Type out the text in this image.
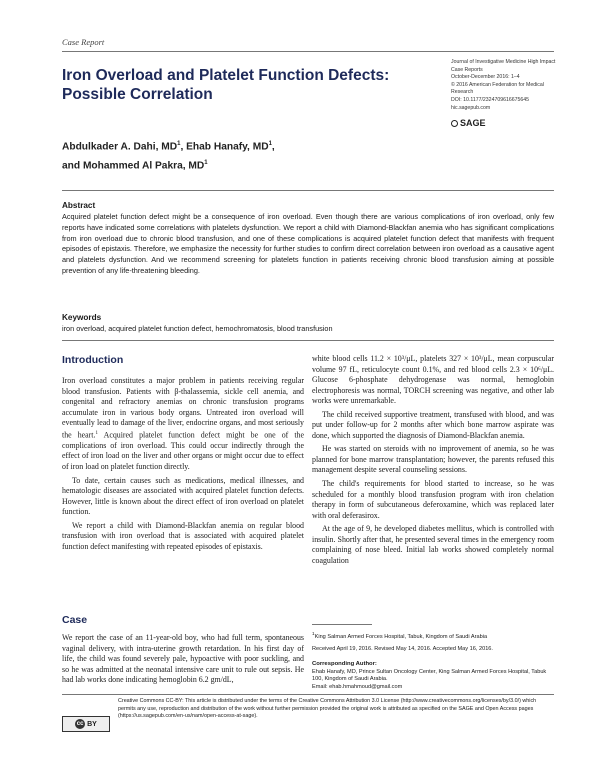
Case Report
Iron Overload and Platelet Function Defects: Possible Correlation
Journal of Investigative Medicine High Impact Case Reports
October-December 2016: 1–4
© 2016 American Federation for Medical Research
DOI: 10.1177/2324709616675645
hic.sagepub.com
SAGE
Abdulkader A. Dahi, $MD^1$, Ehab Hanafy, $MD^1$,
and Mohammed Al Pakra, $MD^1$
Abstract
Acquired platelet function defect might be a consequence of iron overload. Even though there are various complications of iron overload, only few reports have indicated some correlations with platelets dysfunction. We report a child with Diamond-Blackfan anemia who has significant complications from iron overload due to chronic blood transfusion, and one of these complications is acquired platelet function defect that manifests with frequent episodes of epistaxis. Therefore, we emphasize the necessity for further studies to confirm direct correlation between iron overload as a causative agent and platelets dysfunction. And we recommend screening for platelets function in patients receiving chronic blood transfusion aiming at possible prevention of any life-threatening bleeding.
Keywords
iron overload, acquired platelet function defect, hemochromatosis, blood transfusion
Introduction

Iron overload constitutes a major problem in patients receiving regular blood transfusion. Patients with β-thalassemia, sickle cell anemia, and congenital and refractory anemias on chronic transfusion programs accumulate iron in various body organs. Untreated iron overload will eventually lead to damage of the liver, endocrine organs, and most seriously the heart.$^1$ Acquired platelet function defect might be one of the complications of iron overload. This could occur indirectly through the effect of iron load on the liver and other organs or might occur due to effect of iron load on platelet function directly.

To date, certain causes such as medications, medical illnesses, and hematologic diseases are associated with acquired platelet function defects. However, little is known about the direct effect of iron overload on platelet function.

We report a child with Diamond-Blackfan anemia on regular blood transfusion with iron overload that is associated with acquired platelet function defect manifesting with repeated episodes of epistaxis.

Case

We report the case of an 11-year-old boy, who had full term, spontaneous vaginal delivery, with intra-uterine growth retardation. In his first day of life, the child was found severely pale, hypoactive with poor suckling, and so he was admitted at the neonatal intensive care unit to rule out sepsis. He had lab works done indicating hemoglobin 6.2 gm/dL,

white blood cells 11.2 × 10³/μL, platelets 327 × 10³/μL, mean corpuscular volume 97 fL, reticulocyte count 0.1%, and red blood cells 2.3 × 10⁶/μL. Glucose 6-phosphate dehydrogenase was normal, hemoglobin electrophoresis was normal, TORCH screening was negative, and other lab works were unremarkable.

The child received supportive treatment, transfused with blood, and was put under follow-up for 2 months after which bone marrow aspirate was done, which supported the diagnosis of Diamond-Blackfan anemia.

He was started on steroids with no improvement of anemia, so he was planned for bone marrow transplantation; however, the parents refused this management despite several counseling sessions.

The child's requirements for blood started to increase, so he was scheduled for a monthly blood transfusion program with iron chelation therapy in form of subcutaneous deferoxamine, which was replaced later with oral deferasirox.

At the age of 9, he developed diabetes mellitus, which is controlled with insulin. Shortly after that, he presented several times in the emergency room complaining of nose bleed. Initial lab works showed completely normal coagulation

$^1$King Salman Armed Forces Hospital, Tabuk, Kingdom of Saudi Arabia
Received April 19, 2016. Revised May 14, 2016. Accepted May 16, 2016.
Corresponding Author:
Ehab Hanafy, MD, Prince Sultan Oncology Center, King Salman Armed Forces Hospital, Tabuk 100, Kingdom of Saudi Arabia.
Email: ehab.hmahmoud@gmail.com
cc BY
Creative Commons CC-BY: This article is distributed under the terms of the Creative Commons Attribution 3.0 License (http://www.creativecommons.org/licenses/by/3.0/) which permits any use, reproduction and distribution of the work without further permission provided the original work is attributed as specified on the SAGE and Open Access pages (https://us.sagepub.com/en-us/nam/open-access-at-sage).
